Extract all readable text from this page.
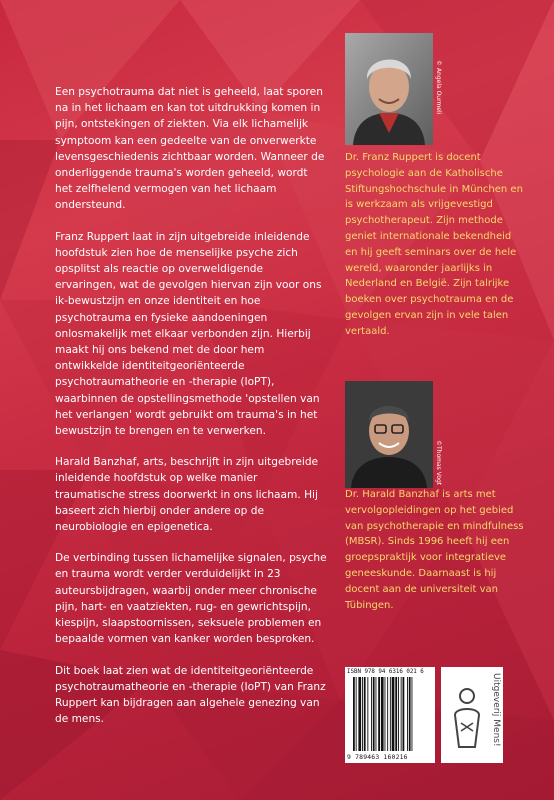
Een psychotrauma dat niet is geheeld, laat sporen na in het lichaam en kan tot uitdrukking komen in pijn, ontstekingen of ziekten. Via elk lichamelijk symptoom kan een gedeelte van de onverwerkte levensgeschiedenis zichtbaar worden. Wanneer de onderliggende trauma's worden geheeld, wordt het zelfhelend vermogen van het lichaam ondersteund.

Franz Ruppert laat in zijn uitgebreide inleidende hoofdstuk zien hoe de menselijke psyche zich opsplitst als reactie op overweldigende ervaringen, wat de gevolgen hiervan zijn voor ons ik-bewustzijn en onze identiteit en hoe psychotrauma en fysieke aandoeningen onlosmakelijk met elkaar verbonden zijn. Hierbij maakt hij ons bekend met de door hem ontwikkelde identiteitgeoriënteerde psychotraumatheorie en -therapie (IoPT), waarbinnen de opstellingsmethode 'opstellen van het verlangen' wordt gebruikt om trauma's in het bewustzijn te brengen en te verwerken.

Harald Banzhaf, arts, beschrijft in zijn uitgebreide inleidende hoofdstuk op welke manier traumatische stress doorwerkt in ons lichaam. Hij baseert zich hierbij onder andere op de neurobiologie en epigenetica.

De verbinding tussen lichamelijke signalen, psyche en trauma wordt verder verduidelijkt in 23 auteursbijdragen, waarbij onder meer chronische pijn, hart- en vaatziekten, rug- en gewrichtspijn, kiespijn, slaapstoornissen, seksuele problemen en bepaalde vormen van kanker worden besproken.

Dit boek laat zien wat de identiteitgeoriënteerde psychotraumatheorie en -therapie (IoPT) van Franz Ruppert kan bijdragen aan algehele genezing van de mens.

© Angela Ourmeli
Dr. Franz Ruppert is docent psychologie aan de Katholische Stiftungshochschule in München en is werkzaam als vrijgevestigd psychotherapeut. Zijn methode geniet internationale bekendheid en hij geeft seminars over de hele wereld, waaronder jaarlijks in Nederland en België. Zijn talrijke boeken over psychotrauma en de gevolgen ervan zijn in vele talen vertaald.
©Thomas Vogt
Dr. Harald Banzhaf is arts met vervolgopleidingen op het gebied van psychotherapie en mindfulness (MBSR). Sinds 1996 heeft hij een groepspraktijk voor integratieve geneeskunde. Daarnaast is hij docent aan de universiteit van Tübingen.
ISBN 978 94 6316 021 6
9 789463 160216
Uitgeverij Mens!
